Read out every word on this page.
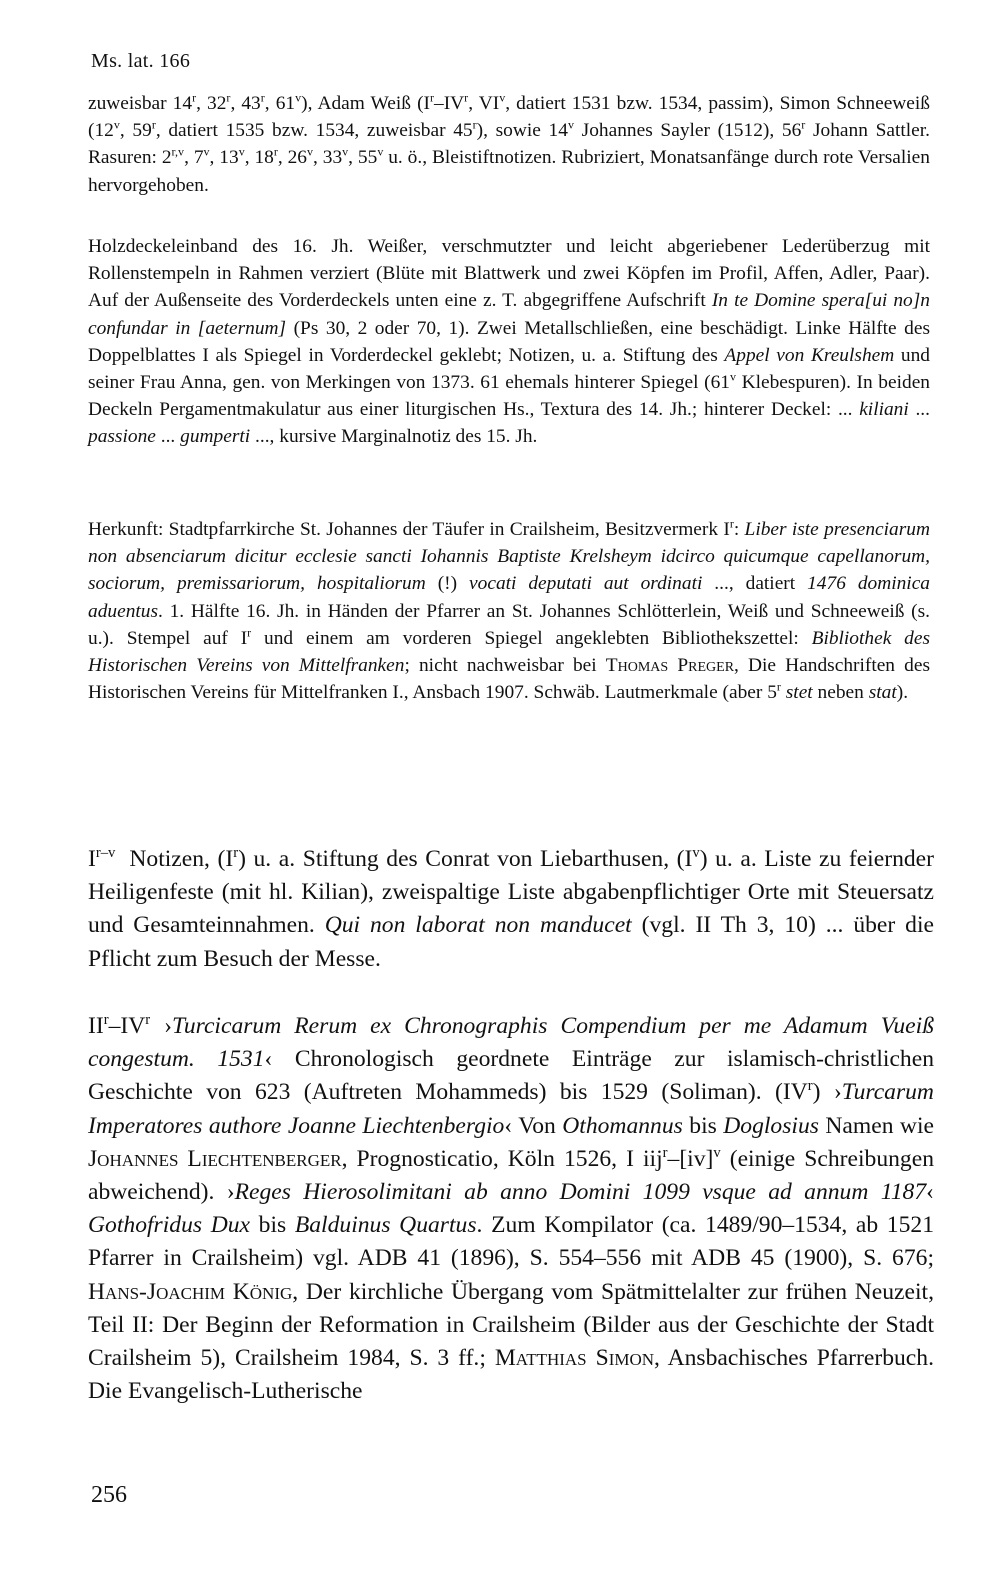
Ms. lat. 166

zuweisbar 14$^r$, 32$^r$, 43$^r$, 61$^v$), Adam Weiß ($I^r-IV^r$, $VI^v$, datiert 1531 bzw. 1534, passim), Simon Schneeweiß (12$^v$, 59$^r$, datiert 1535 bzw. 1534, zuweisbar 45$^r$), sowie 14$^v$ Johannes Sayler (1512), 56$^r$ Johann Sattler. Rasuren: 2$^{r,v}$, 7$^v$, 13$^v$, 18$^r$, 26$^v$, 33$^v$, 55$^v$ u. ö., Bleistiftnotizen. Rubriziert, Monatsanfänge durch rote Versalien hervorgehoben.

Holzdeckeleinband des 16. Jh. Weißer, verschmutzter und leicht abgeriebener Lederüberzug mit Rollenstempeln in Rahmen verziert (Blüte mit Blattwerk und zwei Köpfen im Profil, Affen, Adler, Paar). Auf der Außenseite des Vorderdeckels unten eine z. T. abgegriffene Aufschrift In te Domine spera[ui no]n confundar in [aeternum] (Ps 30, 2 oder 70, 1). Zwei Metallschließen, eine beschädigt. Linke Hälfte des Doppelblattes I als Spiegel in Vorderdeckel geklebt; Notizen, u. a. Stiftung des Appel von Kreulshem und seiner Frau Anna, gen. von Merkingen von 1373. 61 ehemals hinterer Spiegel (61$^v$ Klebespuren). In beiden Deckeln Pergamentmakulatur aus einer liturgischen Hs., Textura des 14. Jh.; hinterer Deckel: ... kiliani ... passione ... gumperti ..., kursive Marginalnotiz des 15. Jh.

Herkunft: Stadtpfarrkirche St. Johannes der Täufer in Crailsheim, Besitzvermerk $I^r$: Liber iste presenciarum non absenciarum dicitur ecclesie sancti Iohannis Baptiste Krelsheym idcirco quicumque capellanorum, sociorum, premissariorum, hospitaliorum (!) vocati deputati aut ordinati ..., datiert 1476 dominica aduentus. 1. Hälfte 16. Jh. in Händen der Pfarrer an St. Johannes Schlötterlein, Weiß und Schneeweiß (s. u.). Stempel auf $I^r$ und einem am vorderen Spiegel angeklebten Bibliothekszettel: Bibliothek des Historischen Vereins von Mittelfranken; nicht nachweisbar bei Thomas Preger, Die Handschriften des Historischen Vereins für Mittelfranken I., Ansbach 1907. Schwäb. Lautmerkmale (aber 5$^r$ stet neben stat).

$I^{r-v}$ Notizen, $(I^r)$ u. a. Stiftung des Conrat von Liebarthusen, $(I^v)$ u. a. Liste zu feiernder Heiligenfeste (mit hl. Kilian), zweispaltige Liste abgabenpflichtiger Orte mit Steuersatz und Gesamteinnahmen. Qui non laborat non manducet (vgl. II Th 3, 10) ... über die Pflicht zum Besuch der Messe.

$II^r-IV^r$ ›Turcicarum Rerum ex Chronographis Compendium per me Adamum Vueiß congestum. 1531‹ Chronologisch geordnete Einträge zur islamisch-christlichen Geschichte von 623 (Auftreten Mohammeds) bis 1529 (Soliman). $(IV^r)$ ›Turcarum Imperatores authore Joanne Liechtenbergio‹ Von Othomannus bis Doglosius Namen wie Johannes Liechtenberger, Prognosticatio, Köln 1526, I iij$^r$–[iv]$^v$ (einige Schreibungen abweichend). ›Reges Hierosolimitani ab anno Domini 1099 vsque ad annum 1187‹ Gothofridus Dux bis Balduinus Quartus. Zum Kompilator (ca. 1489/90–1534, ab 1521 Pfarrer in Crailsheim) vgl. ADB 41 (1896), S. 554–556 mit ADB 45 (1900), S. 676; Hans-Joachim König, Der kirchliche Übergang vom Spätmittelalter zur frühen Neuzeit, Teil II: Der Beginn der Reformation in Crailsheim (Bilder aus der Geschichte der Stadt Crailsheim 5), Crailsheim 1984, S. 3 ff.; Matthias Simon, Ansbachisches Pfarrerbuch. Die Evangelisch-Lutherische

256
